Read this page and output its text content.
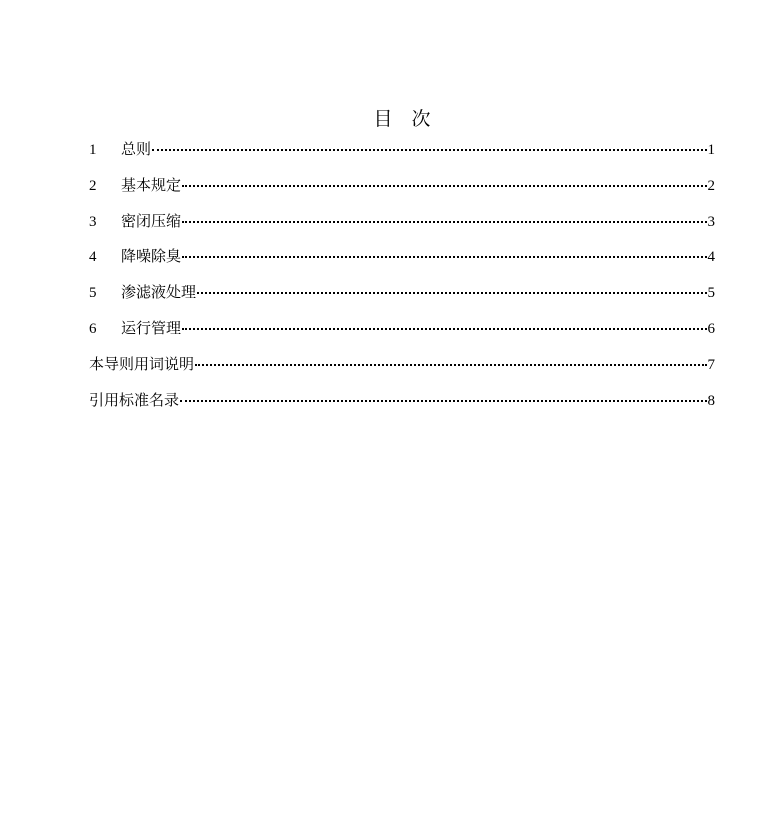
目　次
1	总则	1
2	基本规定	2
3	密闭压缩	3
4	降噪除臭	4
5	渗滤液处理	5
6	运行管理	6
本导则用词说明	7
引用标准名录	8
